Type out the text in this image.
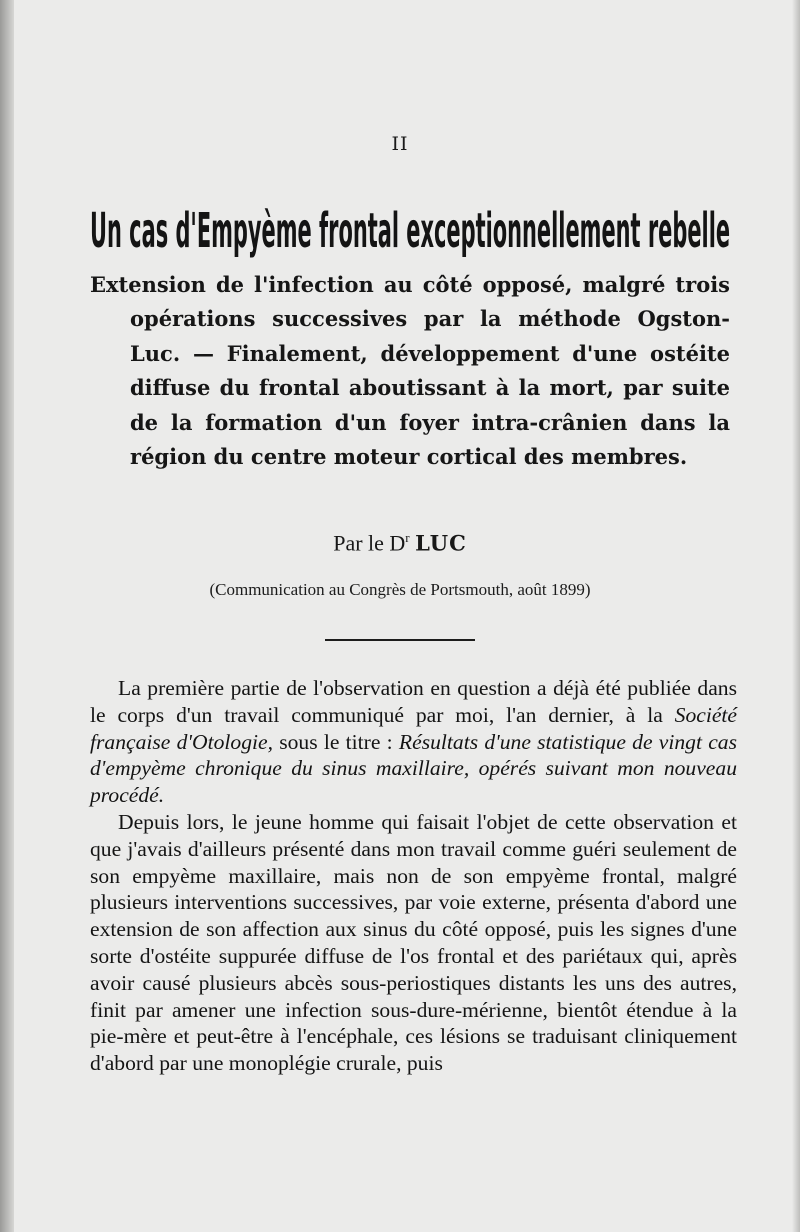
II
Un cas d'Empyème frontal exceptionnellement rebelle
Extension de l'infection au côté opposé, malgré trois opérations successives par la méthode Ogston-Luc. — Finalement, développement d'une ostéite diffuse du frontal aboutissant à la mort, par suite de la formation d'un foyer intra-crânien dans la région du centre moteur cortical des membres.
Par le $D^r$ LUC
(Communication au Congrès de Portsmouth, août 1899)

La première partie de l'observation en question a déjà été publiée dans le corps d'un travail communiqué par moi, l'an dernier, à la Société française d'Otologie, sous le titre : Résultats d'une statistique de vingt cas d'empyème chronique du sinus maxillaire, opérés suivant mon nouveau procédé.

Depuis lors, le jeune homme qui faisait l'objet de cette observation et que j'avais d'ailleurs présenté dans mon travail comme guéri seulement de son empyème maxillaire, mais non de son empyème frontal, malgré plusieurs interventions successives, par voie externe, présenta d'abord une extension de son affection aux sinus du côté opposé, puis les signes d'une sorte d'ostéite suppurée diffuse de l'os frontal et des pariétaux qui, après avoir causé plusieurs abcès sous-periostiques distants les uns des autres, finit par amener une infection sous-dure-mérienne, bientôt étendue à la pie-mère et peut-être à l'encéphale, ces lésions se traduisant cliniquement d'abord par une monoplégie crurale, puis
